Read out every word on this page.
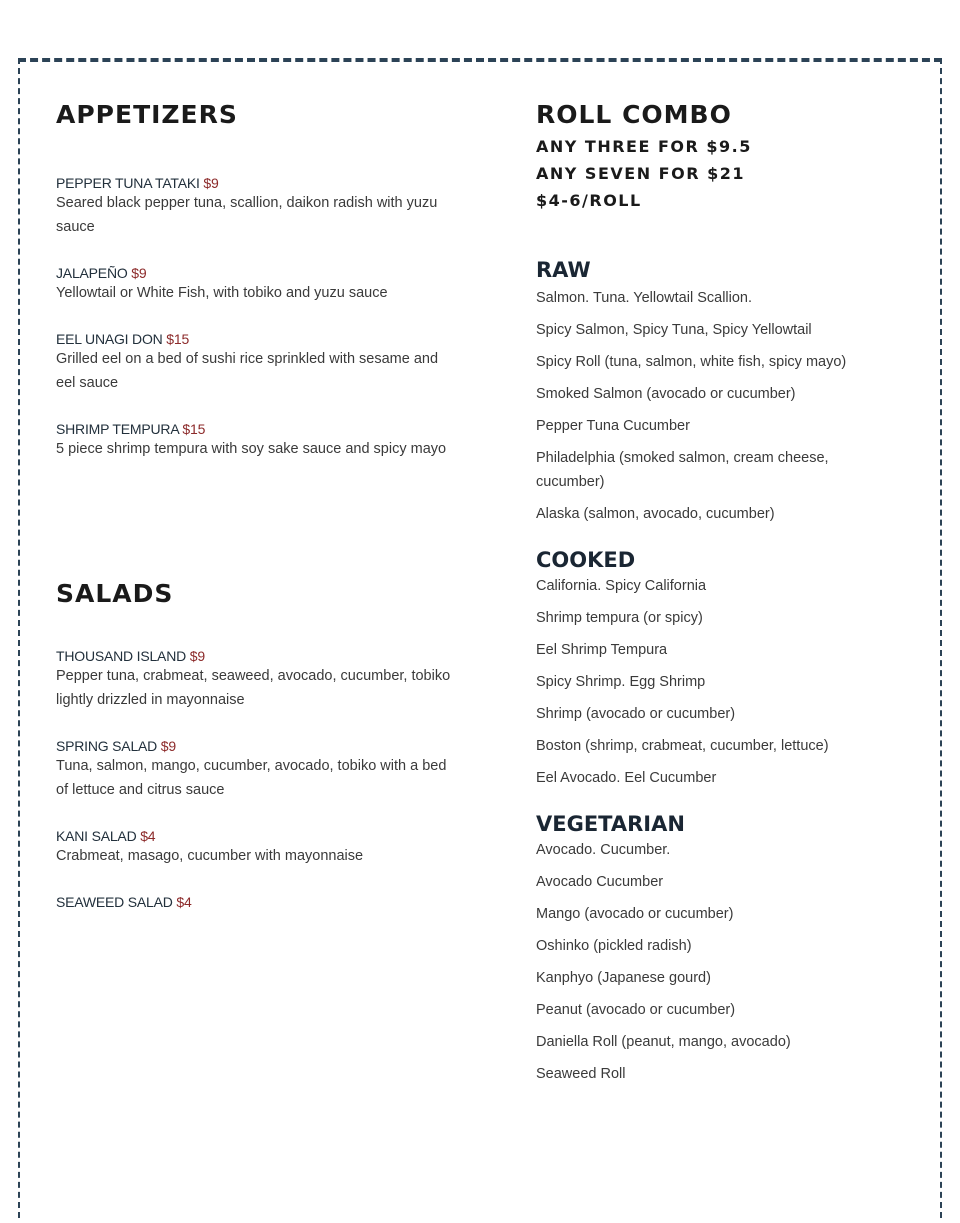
APPETIZERS
PEPPER TUNA TATAKI $9
Seared black pepper tuna, scallion, daikon radish with yuzu sauce
JALAPEÑO $9
Yellowtail or White Fish, with tobiko and yuzu sauce
EEL UNAGI DON $15
Grilled eel on a bed of sushi rice sprinkled with sesame and eel sauce
SHRIMP TEMPURA $15
5 piece shrimp tempura with soy sake sauce and spicy mayo
SALADS
THOUSAND ISLAND $9
Pepper tuna, crabmeat, seaweed, avocado, cucumber, tobiko lightly drizzled in mayonnaise
SPRING SALAD $9
Tuna, salmon, mango, cucumber, avocado, tobiko with a bed of lettuce and citrus sauce
KANI SALAD $4
Crabmeat, masago, cucumber with mayonnaise
SEAWEED SALAD $4
ROLL COMBO
ANY THREE FOR $9.5
ANY SEVEN FOR $21
$4-6/ROLL
RAW
Salmon. Tuna. Yellowtail Scallion.
Spicy Salmon, Spicy Tuna, Spicy Yellowtail
Spicy Roll (tuna, salmon, white fish, spicy mayo)
Smoked Salmon (avocado or cucumber)
Pepper Tuna Cucumber
Philadelphia (smoked salmon, cream cheese, cucumber)
Alaska (salmon, avocado, cucumber)
COOKED
California. Spicy California
Shrimp tempura (or spicy)
Eel Shrimp Tempura
Spicy Shrimp. Egg Shrimp
Shrimp (avocado or cucumber)
Boston (shrimp, crabmeat, cucumber, lettuce)
Eel Avocado. Eel Cucumber
VEGETARIAN
Avocado. Cucumber.
Avocado Cucumber
Mango (avocado or cucumber)
Oshinko (pickled radish)
Kanphyo (Japanese gourd)
Peanut (avocado or cucumber)
Daniella Roll (peanut, mango, avocado)
Seaweed Roll
